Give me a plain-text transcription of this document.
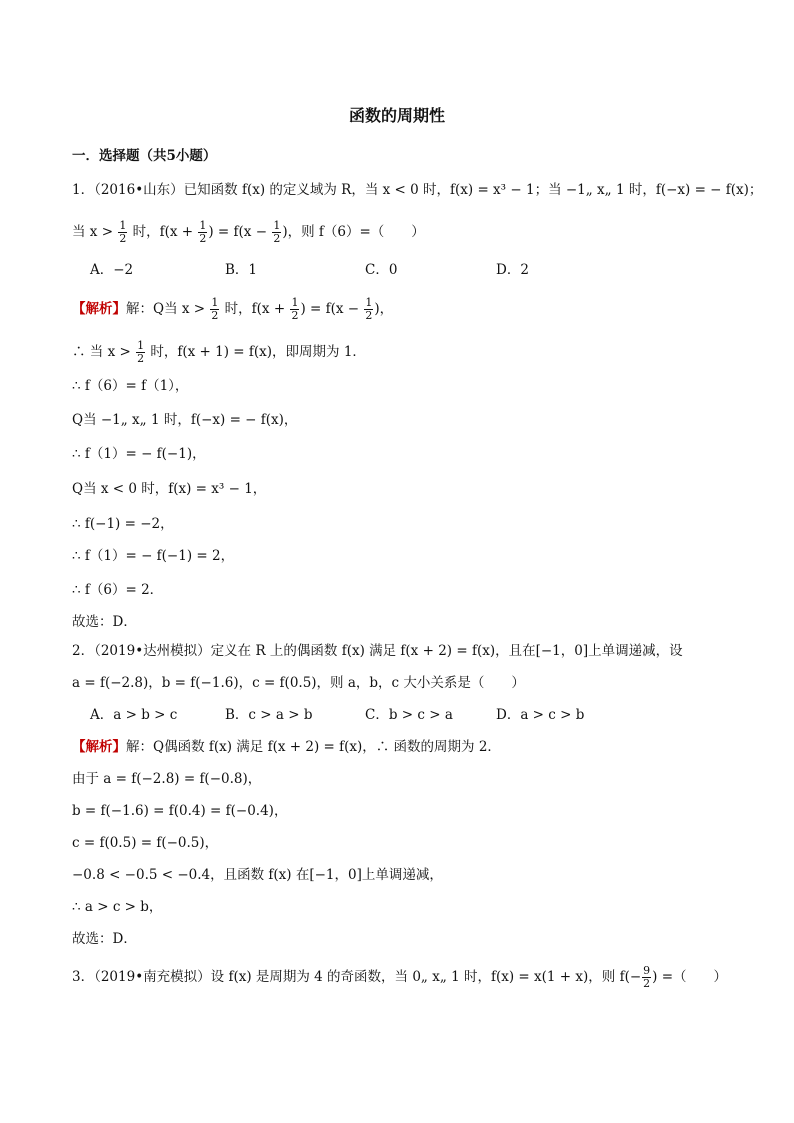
函数的周期性
一．选择题（共5小题）
1．（2016•山东）已知函数 f(x) 的定义域为 R，当 x < 0 时，f(x) = x³ − 1；当 −1„ x„ 1 时，f(−x) = − f(x)；
当 $x > \frac{1}{2}$ 时，$f(x + \frac{1}{2}$ ) = $f(x - \frac{1}{2}$ )，则 f（6）=（　　）
A．−2	B．1	C．0	D．2
【解析】解：Q当 $x > \frac{1}{2}$ 时，$f(x + \frac{1}{2}$ ) = $f(x - \frac{1}{2}$ )，
∴ 当 $x > \frac{1}{2}$ 时，f(x + 1) = f(x)，即周期为 1．
∴ f（6）= f（1），
Q当 −1„ x„ 1 时，f(−x) = − f(x)，
∴ f（1）= − f(−1)，
Q当 x < 0 时，f(x) = x³ − 1，
∴ f(−1) = −2，
∴ f（1）= − f(−1) = 2，
∴ f（6）= 2．
故选：D．
2．（2019•达州模拟）定义在 R 上的偶函数 f(x) 满足 f(x + 2) = f(x)，且在[−1，0]上单调递减，设
a = f(−2.8)，b = f(−1.6)，c = f(0.5)，则 a，b，c 大小关系是（　　）
A．a > b > c	B．c > a > b	C．b > c > a	D．a > c > b
【解析】解：Q偶函数 f(x) 满足 f(x + 2) = f(x)，∴ 函数的周期为 2．
由于 a = f(−2.8) = f(−0.8)，
b = f(−1.6) = f(0.4) = f(−0.4)，
c = f(0.5) = f(−0.5)，
−0.8 < −0.5 < −0.4，且函数 f(x) 在[−1，0]上单调递减，
∴ a > c > b，
故选：D．
3．（2019•南充模拟）设 f(x) 是周期为 4 的奇函数，当 0„ x„ 1 时，f(x) = x(1 + x)，则 $f(- \frac{9}{2}$ ) =（　　）
